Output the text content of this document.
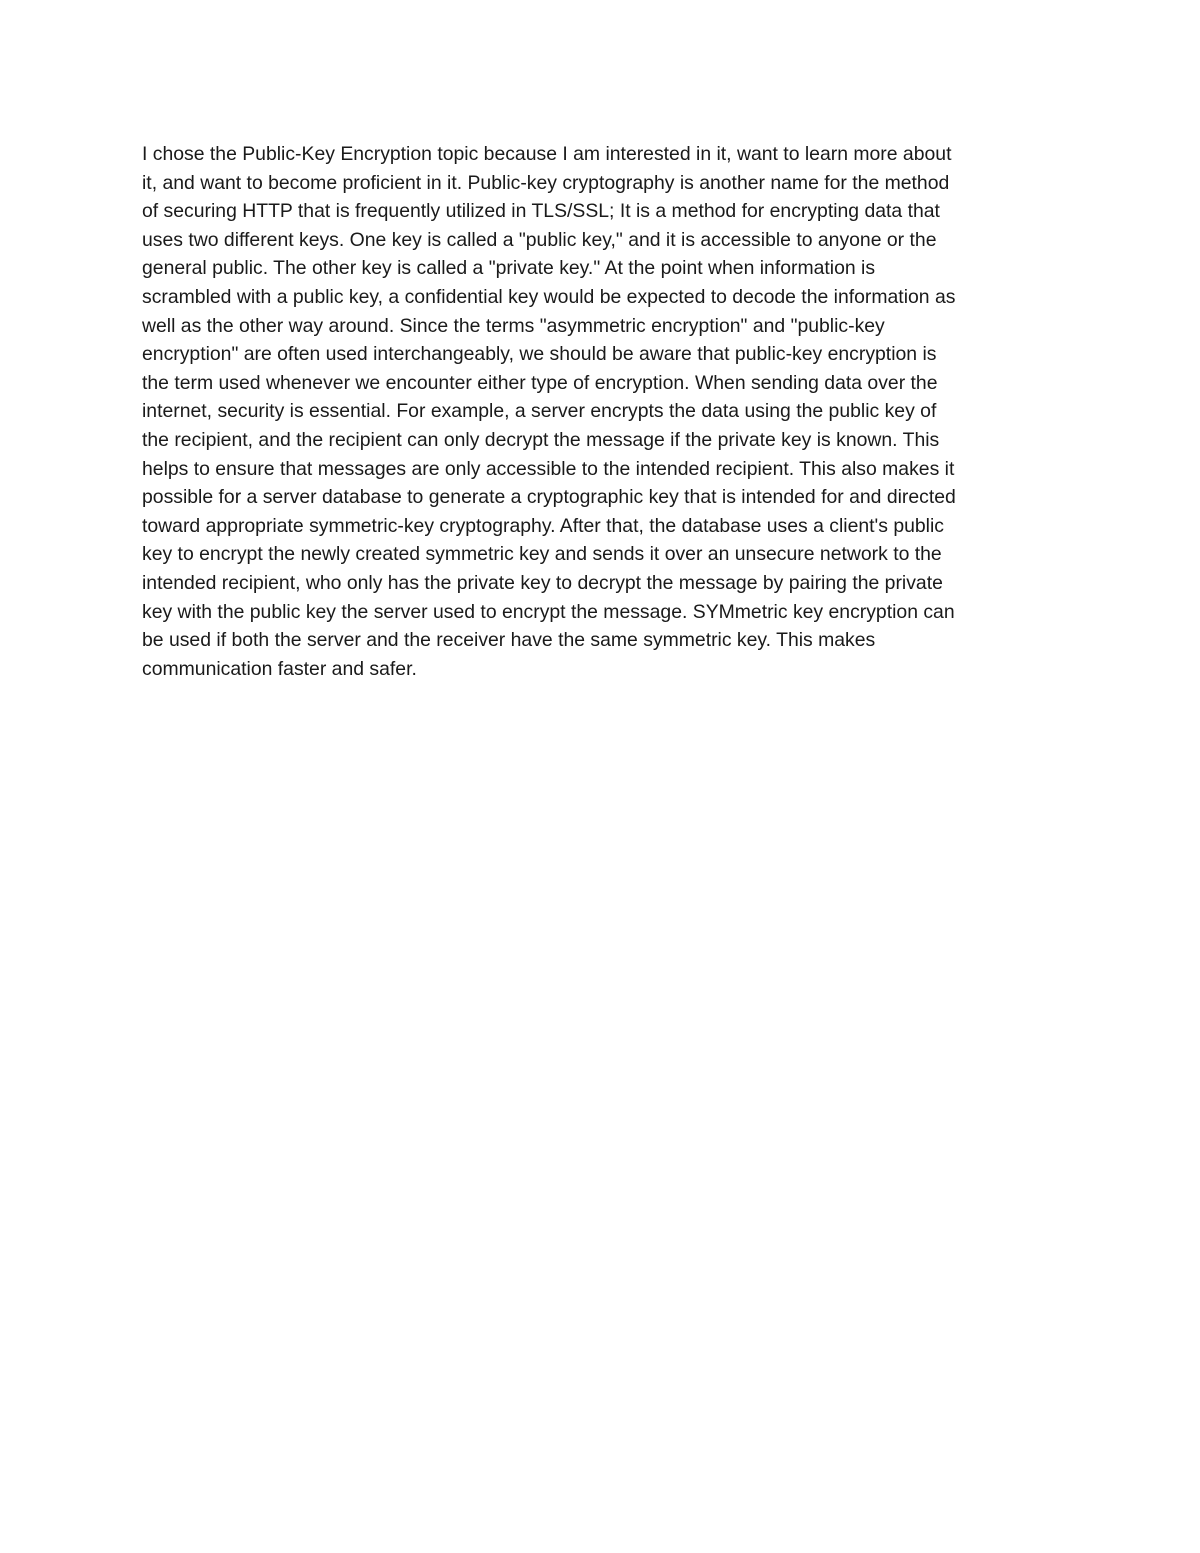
I chose the Public-Key Encryption topic because I am interested in it, want to learn more about
it, and want to become proficient in it. Public-key cryptography is another name for the method
of securing HTTP that is frequently utilized in TLS/SSL; It is a method for encrypting data that
uses two different keys. One key is called a "public key," and it is accessible to anyone or the
general public. The other key is called a "private key." At the point when information is
scrambled with a public key, a confidential key would be expected to decode the information as
well as the other way around. Since the terms "asymmetric encryption" and "public-key
encryption" are often used interchangeably, we should be aware that public-key encryption is
the term used whenever we encounter either type of encryption. When sending data over the
internet, security is essential. For example, a server encrypts the data using the public key of
the recipient, and the recipient can only decrypt the message if the private key is known. This
helps to ensure that messages are only accessible to the intended recipient. This also makes it
possible for a server database to generate a cryptographic key that is intended for and directed
toward appropriate symmetric-key cryptography. After that, the database uses a client's public
key to encrypt the newly created symmetric key and sends it over an unsecure network to the
intended recipient, who only has the private key to decrypt the message by pairing the private
key with the public key the server used to encrypt the message. SYMmetric key encryption can
be used if both the server and the receiver have the same symmetric key. This makes
communication faster and safer.
